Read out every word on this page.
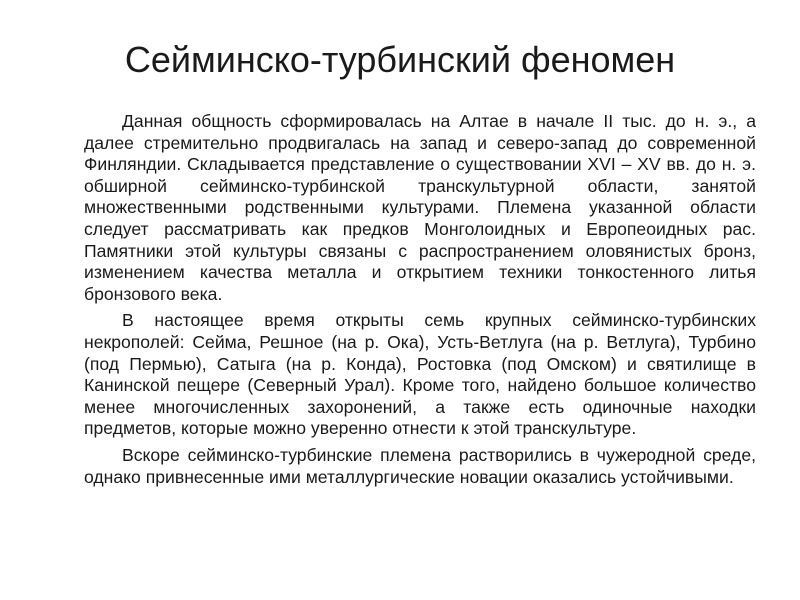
Сейминско-турбинский феномен

Данная общность сформировалась на Алтае в начале II тыс. до н. э., а далее стремительно продвигалась на запад и северо-запад до современной Финляндии. Складывается представление о существовании XVI – XV вв. до н. э. обширной сейминско-турбинской транскультурной области, занятой множественными родственными культурами. Племена указанной области следует рассматривать как предков Монголоидных и Европеоидных рас. Памятники этой культуры связаны с распространением оловянистых бронз, изменением качества металла и открытием техники тонкостенного литья бронзового века.

В настоящее время открыты семь крупных сейминско-турбинских некрополей: Сейма, Решное (на р. Ока), Усть-Ветлуга (на р. Ветлуга), Турбино (под Пермью), Сатыга (на р. Конда), Ростовка (под Омском) и святилище в Канинской пещере (Северный Урал). Кроме того, найдено большое количество менее многочисленных захоронений, а также есть одиночные находки предметов, которые можно уверенно отнести к этой транскультуре.

Вскоре сейминско-турбинские племена растворились в чужеродной среде, однако привнесенные ими металлургические новации оказались устойчивыми.
